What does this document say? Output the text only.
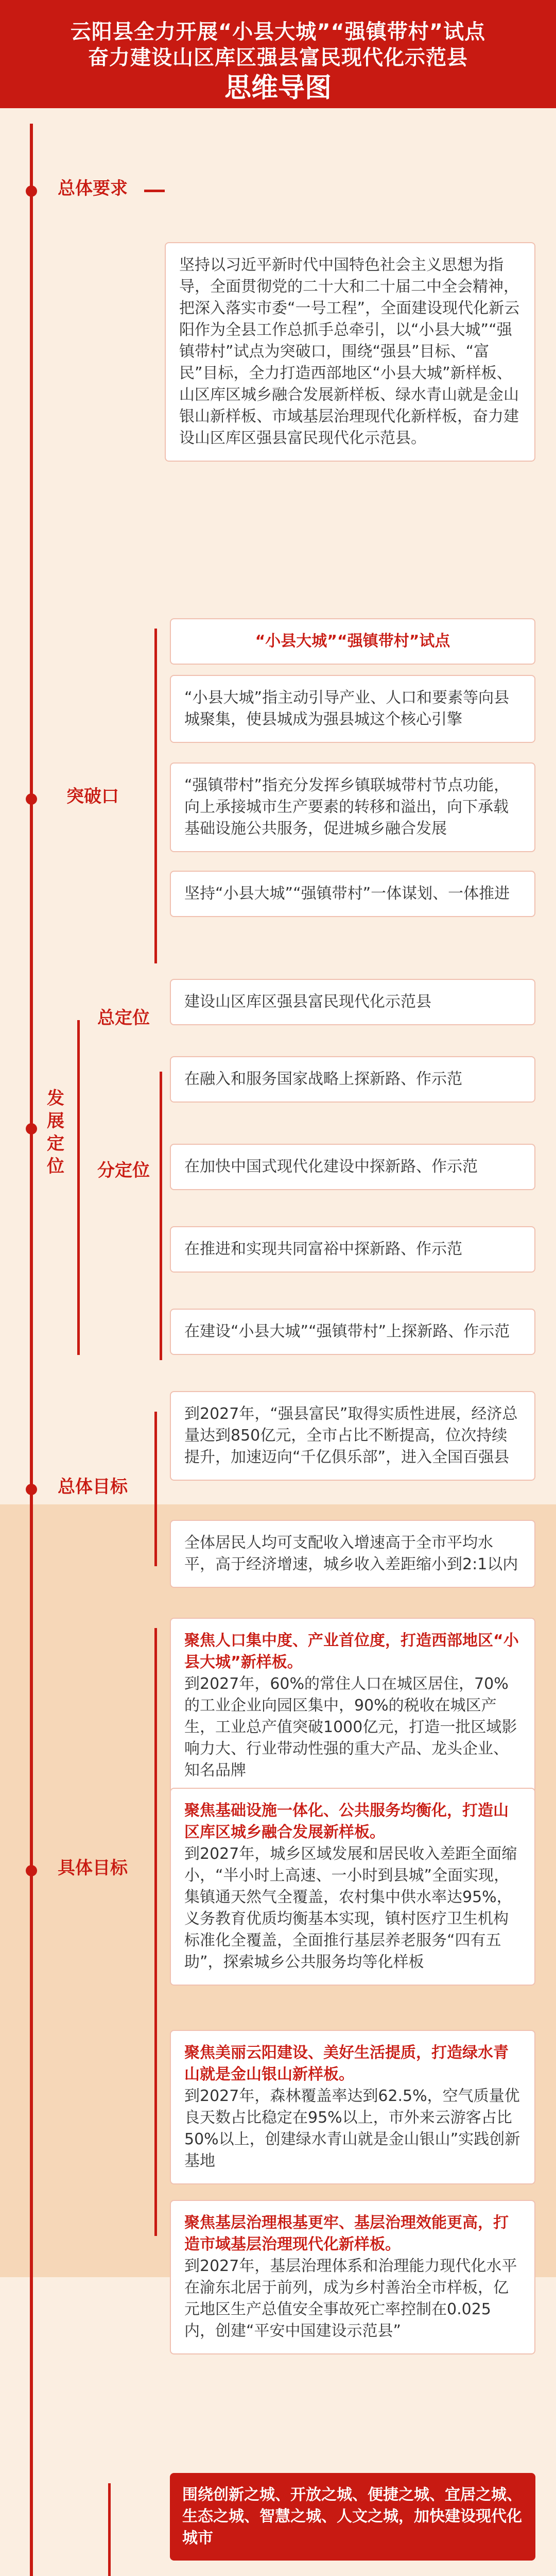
云阳县全力开展“小县大城”“强镇带村”试点
奋力建设山区库区强县富民现代化示范县
思维导图
总体要求
坚持以习近平新时代中国特色社会主义思想为指导，全面贯彻党的二十大和二十届二中全会精神，把深入落实市委“一号工程”，全面建设现代化新云阳作为全县工作总抓手总牵引，以“小县大城”“强镇带村”试点为突破口，围绕“强县”目标、“富民”目标，全力打造西部地区“小县大城”新样板、山区库区城乡融合发展新样板、绿水青山就是金山银山新样板、市域基层治理现代化新样板，奋力建设山区库区强县富民现代化示范县。
突破口
“小县大城”“强镇带村”试点
“小县大城”指主动引导产业、人口和要素等向县城聚集，使县城成为强县城这个核心引擎
“强镇带村”指充分发挥乡镇联城带村节点功能，向上承接城市生产要素的转移和溢出，向下承载基础设施公共服务，促进城乡融合发展
坚持“小县大城”“强镇带村”一体谋划、一体推进
发展定位
总定位
建设山区库区强县富民现代化示范县
分定位
在融入和服务国家战略上探新路、作示范
在加快中国式现代化建设中探新路、作示范
在推进和实现共同富裕中探新路、作示范
在建设“小县大城”“强镇带村”上探新路、作示范
总体目标
到2027年，“强县富民”取得实质性进展，经济总量达到850亿元，全市占比不断提高，位次持续提升，加速迈向“千亿俱乐部”，进入全国百强县
全体居民人均可支配收入增速高于全市平均水平，高于经济增速，城乡收入差距缩小到2:1以内
具体目标
聚焦人口集中度、产业首位度，打造西部地区“小县大城”新样板。
到2027年，60%的常住人口在城区居住，70%的工业企业向园区集中，90%的税收在城区产生，工业总产值突破1000亿元，打造一批区域影响力大、行业带动性强的重大产品、龙头企业、知名品牌
聚焦基础设施一体化、公共服务均衡化，打造山区库区城乡融合发展新样板。
到2027年，城乡区域发展和居民收入差距全面缩小，“半小时上高速、一小时到县城”全面实现，集镇通天然气全覆盖，农村集中供水率达95%，义务教育优质均衡基本实现，镇村医疗卫生机构标准化全覆盖，全面推行基层养老服务“四有五助”，探索城乡公共服务均等化样板
聚焦美丽云阳建设、美好生活提质，打造绿水青山就是金山银山新样板。
到2027年，森林覆盖率达到62.5%，空气质量优良天数占比稳定在95%以上，市外来云游客占比50%以上，创建绿水青山就是金山银山”实践创新基地
聚焦基层治理根基更牢、基层治理效能更高，打造市域基层治理现代化新样板。
到2027年，基层治理体系和治理能力现代化水平在渝东北居于前列，成为乡村善治全市样板，亿元地区生产总值安全事故死亡率控制在0.025内，创建“平安中国建设示范县”
围绕创新之城、开放之城、便捷之城、宜居之城、生态之城、智慧之城、人文之城，加快建设现代化城市
